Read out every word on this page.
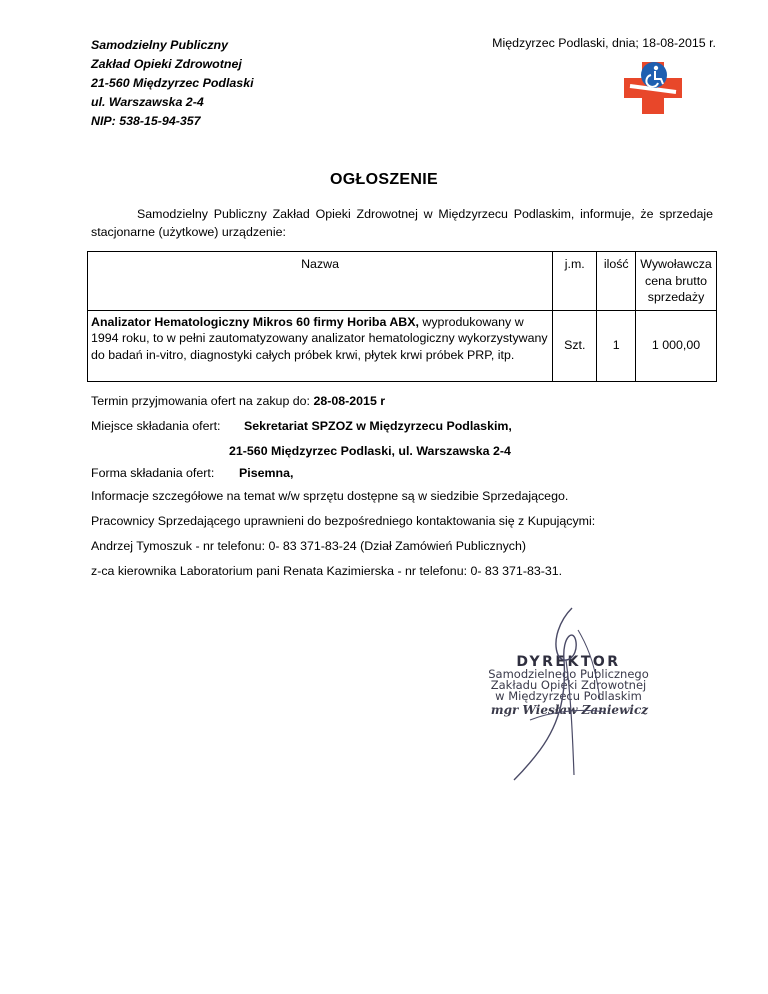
Samodzielny Publiczny
Zakład Opieki Zdrowotnej
21-560 Międzyrzec Podlaski
ul. Warszawska 2-4
NIP: 538-15-94-357
Międzyrzec Podlaski, dnia; 18-08-2015 r.
OGŁOSZENIE
Samodzielny Publiczny Zakład Opieki Zdrowotnej w Międzyrzecu Podlaskim, informuje, że sprzedaje stacjonarne (użytkowe) urządzenie:
Nazwa	j.m.	ilość	Wywoławcza
cena brutto
sprzedaży
Analizator Hematologiczny Mikros 60 firmy Horiba ABX, wyprodukowany w 1994 roku, to w pełni zautomatyzowany analizator hematologiczny wykorzystywany do badań in-vitro, diagnostyki całych próbek krwi, płytek krwi próbek PRP, itp.	Szt.	1	1 000,00
Termin przyjmowania ofert na zakup do: 28-08-2015 r
Miejsce składania ofert: Sekretariat SPZOZ w Międzyrzecu Podlaskim,
21-560 Międzyrzec Podlaski, ul. Warszawska 2-4
Forma składania ofert: Pisemna,
Informacje szczegółowe na temat w/w sprzętu dostępne są w siedzibie Sprzedającego.
Pracownicy Sprzedającego uprawnieni do bezpośredniego kontaktowania się z Kupującymi:
Andrzej Tymoszuk - nr telefonu: 0- 83 371-83-24 (Dział Zamówień Publicznych)
z-ca kierownika Laboratorium pani Renata Kazimierska - nr telefonu: 0- 83 371-83-31.
DYREKTOR
Samodzielnego Publicznego
Zakładu Opieki Zdrowotnej
w Międzyrzecu Podlaskim
mgr Wiesław Zaniewicz
